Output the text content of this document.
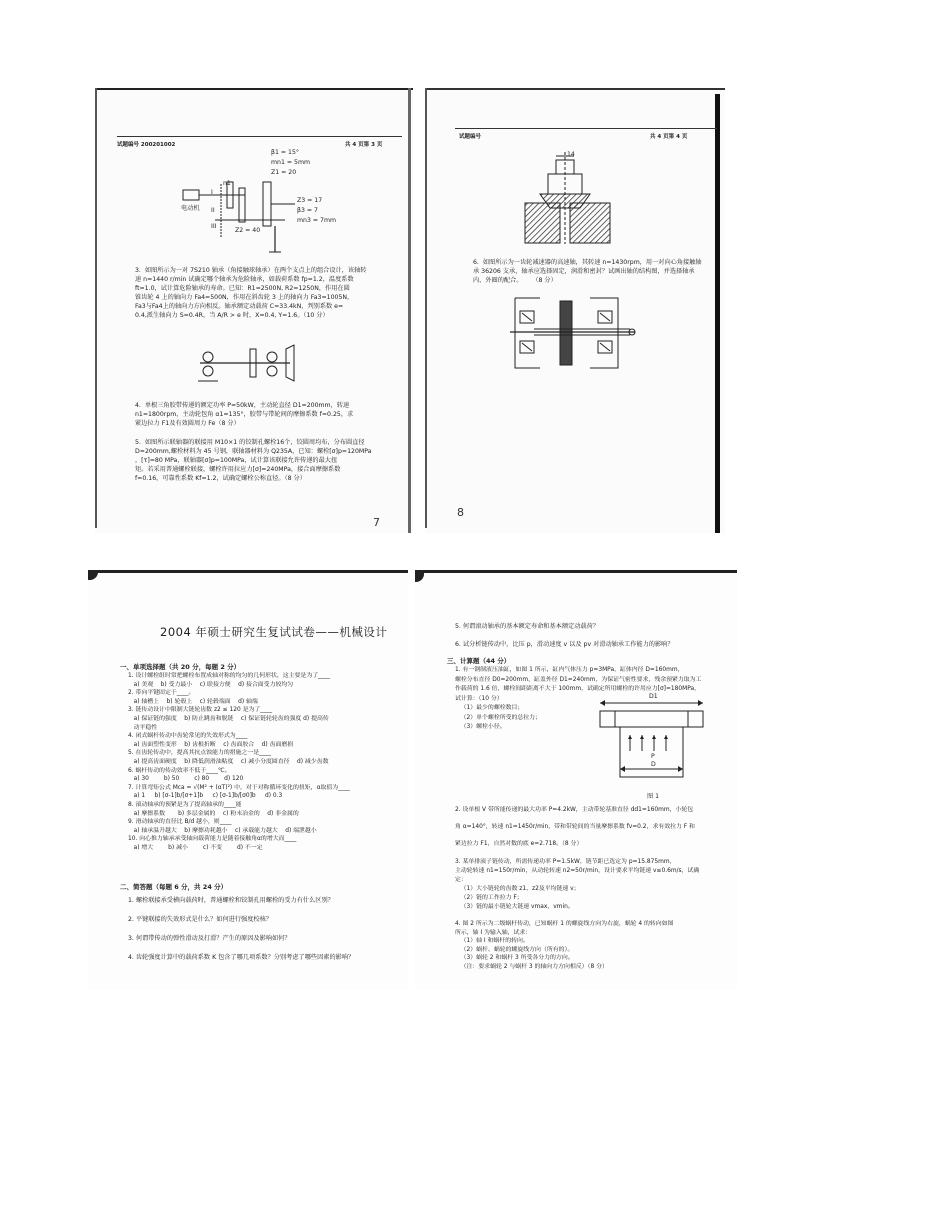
试题编号 200201002	共 4 页第 3 页
β1 = 15°
mn1 = 5mm
Z1 = 20
Z3 = 17
β3 = 7
mn3 = 7mm
Z2 = 40
电动机
n1
I
II
III
3.  如图所示为一对 7S210 轴承（角接触球轴承）在两个支点上的组合设计，该轴转
速 n=1440 r/min 试确定哪个轴承为危险轴承，如载荷系数 fp=1.2，温度系数
ft=1.0，试计算危险轴承的寿命。已知：R1=2500N, R2=1250N，作用在圆
锥齿轮 4 上的轴向力 Fa4=500N，作用在斜齿轮 3 上的轴向力 Fa3=1005N，
Fa3与Fa4上的轴向力方向相反。轴承额定动载荷 C=33.4kN，判别系数 e=
0.4,派生轴向力 S=0.4R，当 A/R > e 时，X=0.4, Y=1.6。（10 分）
4.  单根三角胶带传递的额定功率 P=50kW，主动轮直径 D1=200mm，转速
n1=1800rpm，主动轮包角 α1=135°，胶带与带轮间的摩擦系数 f=0.25，求
紧边拉力 F1及有效圆周力 Fe（8 分）
5.  如图所示联轴器的联接用 M10×1 的铰制孔螺栓16个，铰圆周均布，分布圆直径
D=200mm,螺栓材料为 45 号钢，联轴器材料为 Q235A，已知：螺栓[σ]p=120MPa
，[τ]=80 MPa，联轴器[σ]p=100MPa，试计算该联接允许传递的最大扭
矩。若采用普通螺栓联接，螺栓许用拉应力[σ]=240MPa，接合面摩擦系数
f=0.16，可靠性系数 Kf=1.2，试确定螺栓公称直径。（8 分）
7
试题编号	共 4 页第 4 页
14
6.  如图所示为一齿轮减速器的高速轴，其转速 n=1430rpm，用一对向心角接触轴
承 36206 支承，轴承应选择固定，润滑和密封？试画出轴的结构图，并选择轴承
内、外圈的配合。     （8 分）
8
2004 年硕士研究生复试试卷——机械设计
一、单项选择题（共 20 分，每题 2 分）
1. 设计螺栓组时常把螺栓布置成轴对称的均匀的几何形状，这主要是为了____
a) 美观    b) 受力最小    c) 联接方便    d) 接合面受力较均匀
2. 带向平键固定于____。
a) 轴槽上    b) 轮毂上    c) 轮毂端面    d) 轴端
3. 链传动设计中限制大链轮齿数 z2 ≤ 120 是为了____
a) 保证链的强度    b) 防止跳齿和脱链    c) 保证链轮轮齿的强度 d) 提高传
动平稳性
4. 闭式蜗杆传动中齿轮常见的失效形式为____
a) 齿面塑性变形    b) 齿根折断    c) 齿面胶合    d) 齿面磨损
5. 在齿轮传动中，提高其抗点蚀能力的措施之一是____
a) 提高齿面硬度    b) 降低润滑油粘度    c) 减小分度圆直径    d) 减少齿数
6. 蜗杆传动的传动效率不低于____℃。
a) 30        b) 50        c) 80        d) 120
7. 计算弯矩公式 Mca = √(M² + (αT)²) 中，对于对称循环变化的扭矩，α取值为____
a) 1     b) [σ-1]b/[σ+1]b     c) [σ-1]b/[σ0]b     d) 0.3
8. 滚动轴承的预紧是为了提高轴承的____能
a) 摩擦系数       b) 多层金属的    c) 粉末冶金的    d) 非金属的
9. 滑动轴承的直径比 B/d 越小，则____
a) 轴承温升越大    b) 摩擦功耗越小    c) 承载能力越大    d) 端泄越小
10. 向心推力轴承承受轴向载荷能力是随着接触角α的增大而____
a) 增大        b) 减小        c) 不变        d) 不一定
二、简答题（每题 6 分，共 24 分）
1. 螺栓联接承受横向载荷时，普通螺栓和铰制孔用螺栓的受力有什么区别？

2. 平键联接的失效形式是什么？如何进行强度校核？

3. 何谓带传动的弹性滑动及打滑？产生的原因及影响如何？

4. 齿轮强度计算中的载荷系数 K 包含了哪几项系数？分别考虑了哪些因素的影响？
5. 何谓滚动轴承的基本额定寿命和基本额定动载荷？
6. 试分析链传动中，比压 p，滑动速度 v 以及 pv 对滑动轴承工作能力的影响？
三、计算题（44 分）
1. 有一钢制液压油缸，如图 1 所示，缸内气体压力 p=3MPa，缸体内径 D=160mm，
螺栓分布直径 D0=200mm，缸盖外径 D1=240mm，为保证气密性要求，残余预紧力取为工
作载荷的 1.6 倍，螺栓间距距离不大于 100mm，试确定所用螺栓的许用应力[σ]=180MPa，
试计算：（10 分）
（1）最少的螺栓数目；
（2）单个螺栓所受的总拉力；
（3）螺栓小径。
D1
P
D
图 1
2. 设单根 V 带所能传递的最大功率 P=4.2kW，主动带轮基准直径 dd1=160mm，小轮包

角 α=140°，转速 n1=1450r/min，带和带轮间的当量摩擦系数 fv=0.2，求有效拉力 F 和

紧边拉力 F1，自然对数的底 e=2.718。（8 分）
3. 某单排滚子链传动，所需传递功率 P=1.5kW，链节距已选定为 p=15.875mm，
主动轮转速 n1=150r/min，从动轮转速 n2=50r/min，设计要求平均链速 v≤0.6m/s，试确
定：
（1）大小链轮的齿数 z1、z2及平均链速 v；
（2）链的工作拉力 F；
（3）链的最小链轮大链速 vmax、vmin。
4. 图 2 所示为二级蜗杆传动，已知蜗杆 1 的螺旋线方向为右旋，蜗轮 4 的转向如图
所示，轴 I 为输入轴，试求：
（1）轴 I 和蜗杆的转向。
（2）蜗杆、蜗轮的螺旋线方向（所有的）。
（3）蜗轮 2 和蜗杆 3 所受各分力的方向。
（注：要求蜗轮 2 与蜗杆 3 的轴向力方向相反）（8 分）
